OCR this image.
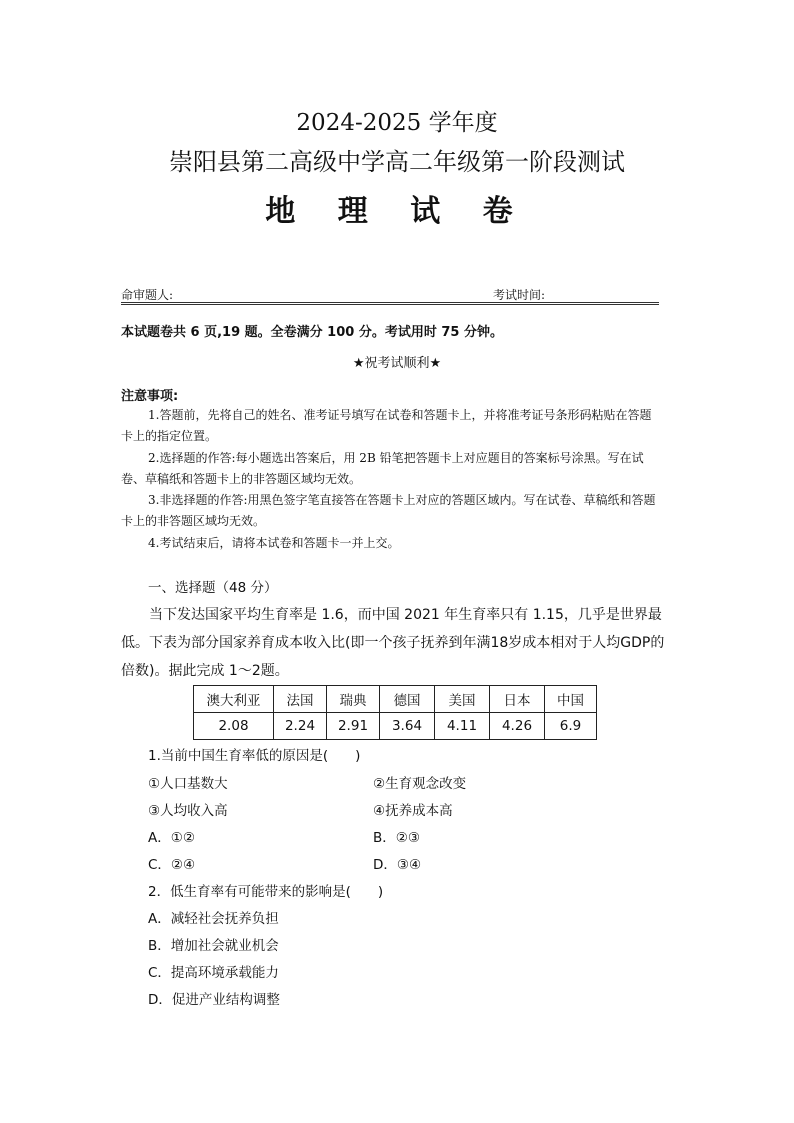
2024-2025 学年度
崇阳县第二高级中学高二年级第一阶段测试
地 理 试 卷
命审题人:	考试时间:
本试题卷共 6 页,19 题。全卷满分 100 分。考试用时 75 分钟。
★祝考试顺利★
注意事项:
1.答题前，先将自己的姓名、准考证号填写在试卷和答题卡上，并将准考证号条形码粘贴在答题卡上的指定位置。
2.选择题的作答:每小题选出答案后，用 2B 铅笔把答题卡上对应题目的答案标号涂黑。写在试卷、草稿纸和答题卡上的非答题区域均无效。
3.非选择题的作答:用黑色签字笔直接答在答题卡上对应的答题区域内。写在试卷、草稿纸和答题卡上的非答题区域均无效。
4.考试结束后，请将本试卷和答题卡一并上交。
一、选择题（48 分）
当下发达国家平均生育率是 1.6，而中国 2021 年生育率只有 1.15，几乎是世界最低。下表为部分国家养育成本收入比(即一个孩子抚养到年满18岁成本相对于人均GDP的倍数)。据此完成 1～2题。
澳大利亚	法国	瑞典	德国	美国	日本	中国
2.08	2.24	2.91	3.64	4.11	4.26	6.9
1.当前中国生育率低的原因是(　　)
①人口基数大	②生育观念改变
③人均收入高	④抚养成本高
A．①②	B．②③
C．②④	D．③④
2．低生育率有可能带来的影响是(　　)
A．减轻社会抚养负担
B．增加社会就业机会
C．提高环境承载能力
D．促进产业结构调整
